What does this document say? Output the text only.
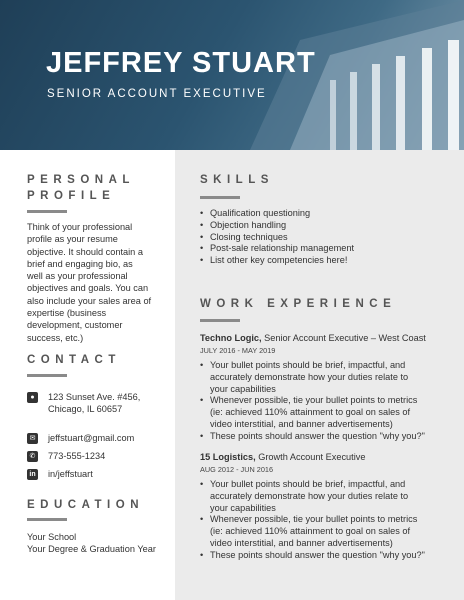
JEFFREY STUART
SENIOR ACCOUNT EXECUTIVE
PERSONAL
PROFILE
Think of your professional
profile as your resume
objective. It should contain a
brief and engaging bio, as
well as your professional
objectives and goals. You can
also include your sales area of
expertise (business
development, customer
success, etc.)
CONTACT
●	123 Sunset Ave. #456,
Chicago, IL 60657
✉ jeffstuart@gmail.com
✆ 773-555-1234
in in/jeffstuart
EDUCATION
Your School
Your Degree & Graduation Year
SKILLS
• Qualification questioning
• Objection handling
• Closing techniques
• Post-sale relationship management
• List other key competencies here!
WORK EXPERIENCE
Techno Logic, Senior Account Executive – West Coast
JULY 2016 - MAY 2019
• Your bullet points should be brief, impactful, and
accurately demonstrate how your duties relate to
your capabilities
• Whenever possible, tie your bullet points to metrics
(ie: achieved 110% attainment to goal on sales of
video interstitial, and banner advertisements)
• These points should answer the question "why you?"
15 Logistics, Growth Account Executive
AUG 2012 - JUN 2016
• Your bullet points should be brief, impactful, and
accurately demonstrate how your duties relate to
your capabilities
• Whenever possible, tie your bullet points to metrics
(ie: achieved 110% attainment to goal on sales of
video interstitial, and banner advertisements)
• These points should answer the question "why you?"
